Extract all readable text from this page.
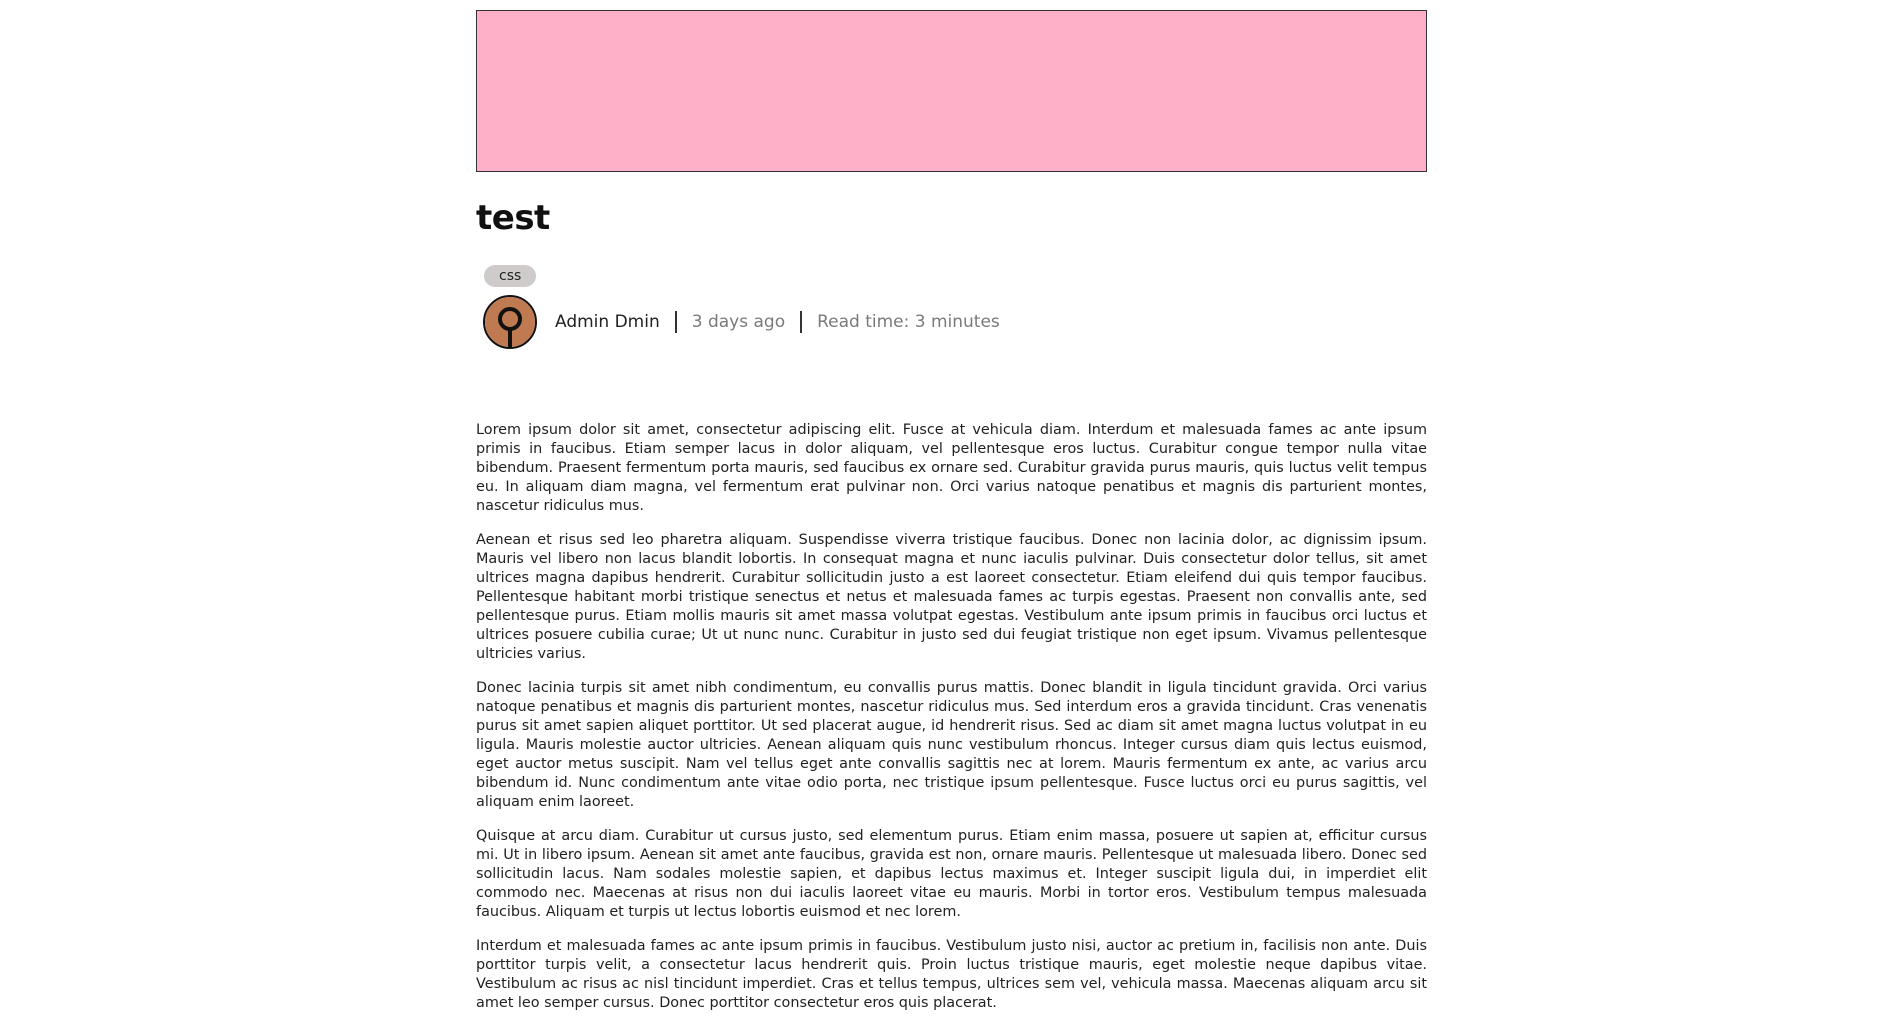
test
css
Admin Dmin 3 days ago Read time: 3 minutes

Lorem ipsum dolor sit amet, consectetur adipiscing elit. Fusce at vehicula diam. Interdum et malesuada fames ac ante ipsum primis in faucibus. Etiam semper lacus in dolor aliquam, vel pellentesque eros luctus. Curabitur congue tempor nulla vitae bibendum. Praesent fermentum porta mauris, sed faucibus ex ornare sed. Curabitur gravida purus mauris, quis luctus velit tempus eu. In aliquam diam magna, vel fermentum erat pulvinar non. Orci varius natoque penatibus et magnis dis parturient montes, nascetur ridiculus mus.

Aenean et risus sed leo pharetra aliquam. Suspendisse viverra tristique faucibus. Donec non lacinia dolor, ac dignissim ipsum. Mauris vel libero non lacus blandit lobortis. In consequat magna et nunc iaculis pulvinar. Duis consectetur dolor tellus, sit amet ultrices magna dapibus hendrerit. Curabitur sollicitudin justo a est laoreet consectetur. Etiam eleifend dui quis tempor faucibus. Pellentesque habitant morbi tristique senectus et netus et malesuada fames ac turpis egestas. Praesent non convallis ante, sed pellentesque purus. Etiam mollis mauris sit amet massa volutpat egestas. Vestibulum ante ipsum primis in faucibus orci luctus et ultrices posuere cubilia curae; Ut ut nunc nunc. Curabitur in justo sed dui feugiat tristique non eget ipsum. Vivamus pellentesque ultricies varius.

Donec lacinia turpis sit amet nibh condimentum, eu convallis purus mattis. Donec blandit in ligula tincidunt gravida. Orci varius natoque penatibus et magnis dis parturient montes, nascetur ridiculus mus. Sed interdum eros a gravida tincidunt. Cras venenatis purus sit amet sapien aliquet porttitor. Ut sed placerat augue, id hendrerit risus. Sed ac diam sit amet magna luctus volutpat in eu ligula. Mauris molestie auctor ultricies. Aenean aliquam quis nunc vestibulum rhoncus. Integer cursus diam quis lectus euismod, eget auctor metus suscipit. Nam vel tellus eget ante convallis sagittis nec at lorem. Mauris fermentum ex ante, ac varius arcu bibendum id. Nunc condimentum ante vitae odio porta, nec tristique ipsum pellentesque. Fusce luctus orci eu purus sagittis, vel aliquam enim laoreet.

Quisque at arcu diam. Curabitur ut cursus justo, sed elementum purus. Etiam enim massa, posuere ut sapien at, efficitur cursus mi. Ut in libero ipsum. Aenean sit amet ante faucibus, gravida est non, ornare mauris. Pellentesque ut malesuada libero. Donec sed sollicitudin lacus. Nam sodales molestie sapien, et dapibus lectus maximus et. Integer suscipit ligula dui, in imperdiet elit commodo nec. Maecenas at risus non dui iaculis laoreet vitae eu mauris. Morbi in tortor eros. Vestibulum tempus malesuada faucibus. Aliquam et turpis ut lectus lobortis euismod et nec lorem.

Interdum et malesuada fames ac ante ipsum primis in faucibus. Vestibulum justo nisi, auctor ac pretium in, facilisis non ante. Duis porttitor turpis velit, a consectetur lacus hendrerit quis. Proin luctus tristique mauris, eget molestie neque dapibus vitae. Vestibulum ac risus ac nisl tincidunt imperdiet. Cras et tellus tempus, ultrices sem vel, vehicula massa. Maecenas aliquam arcu sit amet leo semper cursus. Donec porttitor consectetur eros quis placerat.
